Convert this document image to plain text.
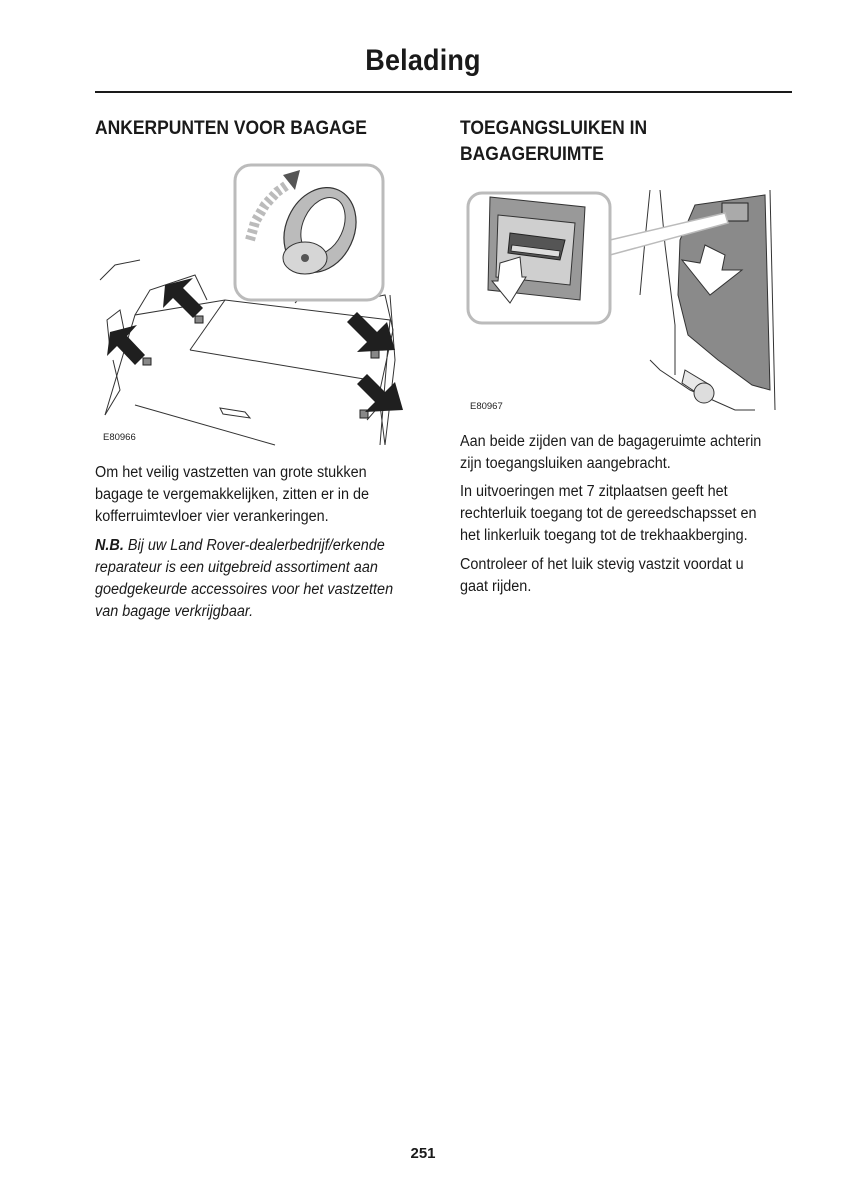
Belading
ANKERPUNTEN VOOR BAGAGE
E80966

Om het veilig vastzetten van grote stukken
bagage te vergemakkelijken, zitten er in de
kofferruimtevloer vier verankeringen.

N.B. Bij uw Land Rover-dealerbedrijf/erkende
reparateur is een uitgebreid assortiment aan
goedgekeurde accessoires voor het vastzetten
van bagage verkrijgbaar.

TOEGANGSLUIKEN IN
BAGAGERUIMTE
E80967

Aan beide zijden van de bagageruimte achterin
zijn toegangsluiken aangebracht.

In uitvoeringen met 7 zitplaatsen geeft het
rechterluik toegang tot de gereedschapsset en
het linkerluik toegang tot de trekhaakberging.

Controleer of het luik stevig vastzit voordat u
gaat rijden.

251
